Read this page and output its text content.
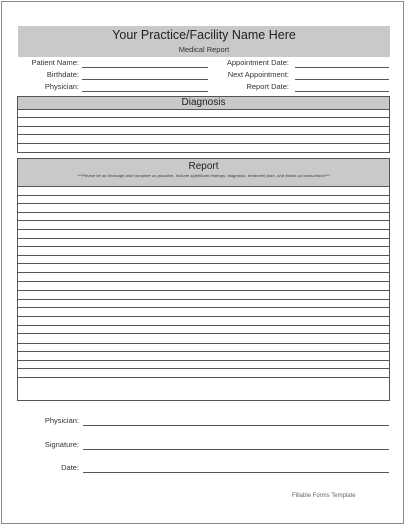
Your Practice/Facility Name Here
Medical Report
Patient Name:
Birthdate:
Physician:
Appointment Date:
Next Appointment:
Report Date:
Diagnosis
Report
***Please be as thorough and complete as possible. Include significant findings, diagnosis, treatment plan, and follow up instructions***
Physician:
Signature:
Date:
Fillable Forms Template
